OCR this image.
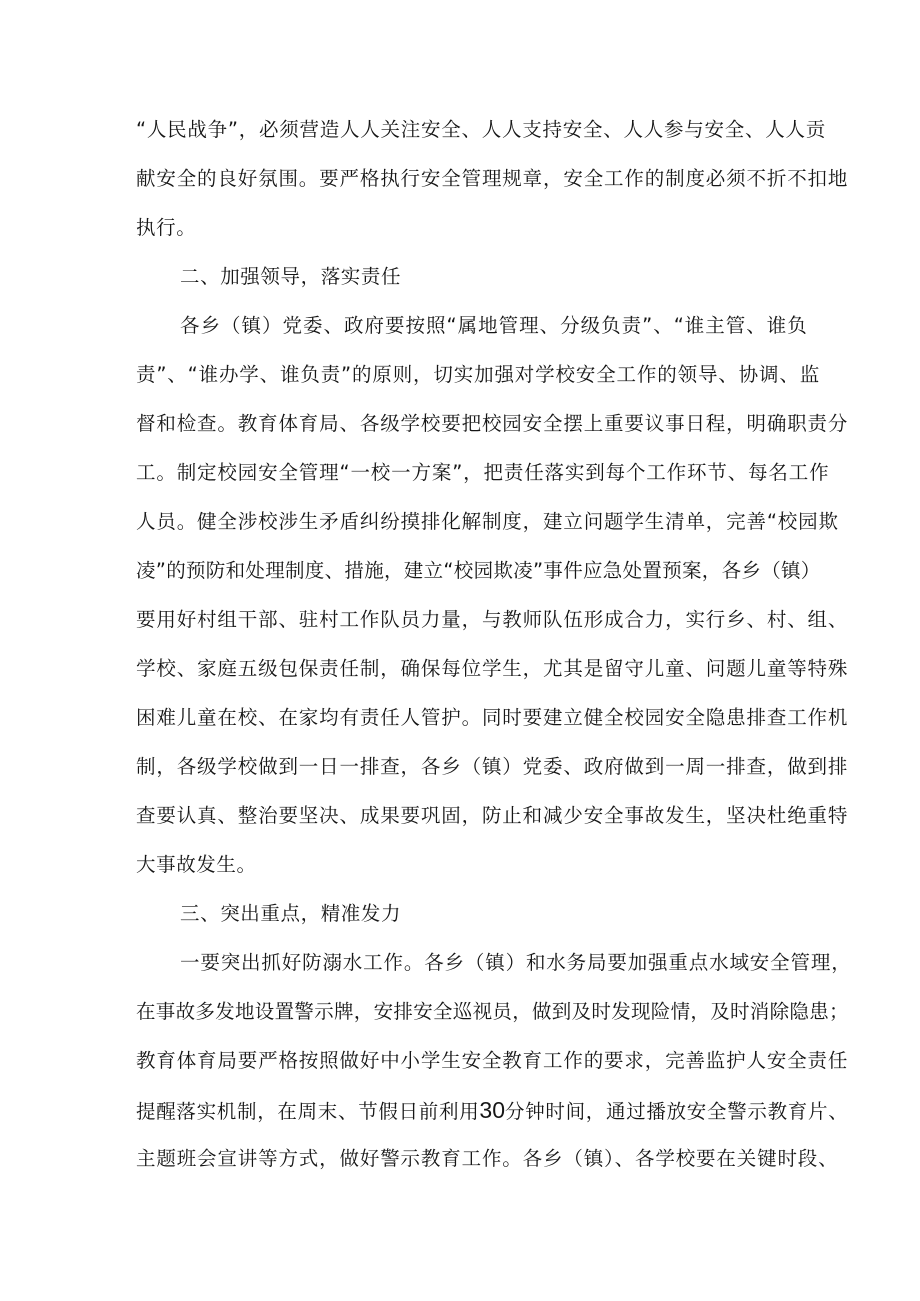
“人民战争”，必须营造人人关注安全、人人支持安全、人人参与安全、人人贡

献安全的良好氛围。要严格执行安全管理规章，安全工作的制度必须不折不扣地

执行。

二、加强领导，落实责任

各乡（镇）党委、政府要按照“属地管理、分级负责”、“谁主管、谁负

责”、“谁办学、谁负责”的原则，切实加强对学校安全工作的领导、协调、监

督和检查。教育体育局、各级学校要把校园安全摆上重要议事日程，明确职责分

工。制定校园安全管理“一校一方案”，把责任落实到每个工作环节、每名工作

人员。健全涉校涉生矛盾纠纷摸排化解制度，建立问题学生清单，完善“校园欺

凌”的预防和处理制度、措施，建立“校园欺凌”事件应急处置预案，各乡（镇）

要用好村组干部、驻村工作队员力量，与教师队伍形成合力，实行乡、村、组、

学校、家庭五级包保责任制，确保每位学生，尤其是留守儿童、问题儿童等特殊

困难儿童在校、在家均有责任人管护。同时要建立健全校园安全隐患排查工作机

制，各级学校做到一日一排查，各乡（镇）党委、政府做到一周一排查，做到排

查要认真、整治要坚决、成果要巩固，防止和减少安全事故发生，坚决杜绝重特

大事故发生。

三、突出重点，精准发力

一要突出抓好防溺水工作。各乡（镇）和水务局要加强重点水域安全管理，

在事故多发地设置警示牌，安排安全巡视员，做到及时发现险情，及时消除隐患；

教育体育局要严格按照做好中小学生安全教育工作的要求，完善监护人安全责任

提醒落实机制，在周末、节假日前利用30分钟时间，通过播放安全警示教育片、

主题班会宣讲等方式，做好警示教育工作。各乡（镇）、各学校要在关键时段、
